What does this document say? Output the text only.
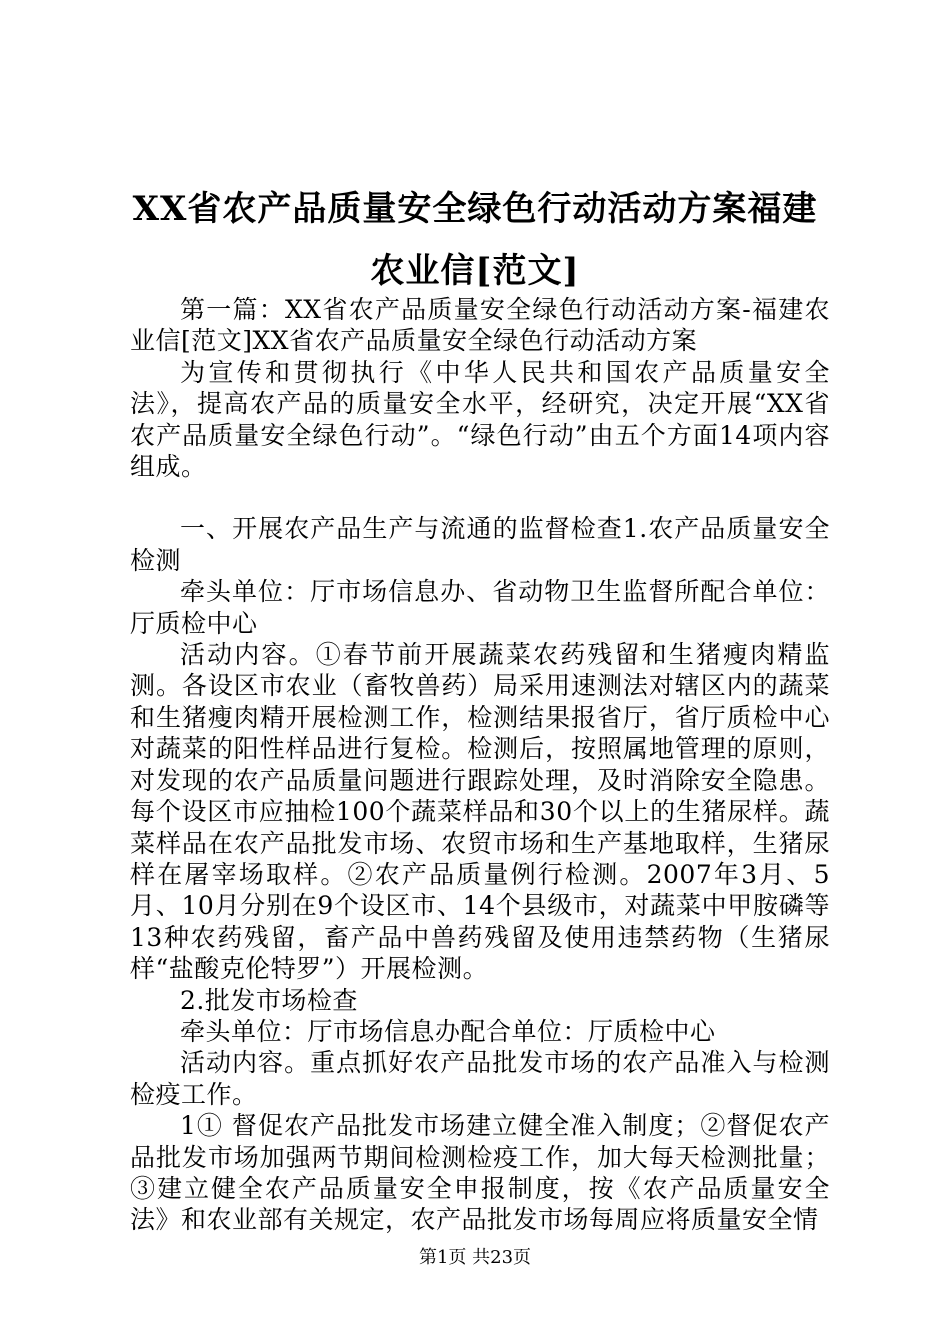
XX省农产品质量安全绿色行动活动方案福建
农业信[范文]

第一篇：XX省农产品质量安全绿色行动活动方案-福建农业信[范文]XX省农产品质量安全绿色行动活动方案

为宣传和贯彻执行《中华人民共和国农产品质量安全法》，提高农产品的质量安全水平，经研究，决定开展“XX省农产品质量安全绿色行动”。“绿色行动”由五个方面14项内容组成。

一、开展农产品生产与流通的监督检查1.农产品质量安全检测

牵头单位：厅市场信息办、省动物卫生监督所配合单位：厅质检中心

活动内容。①春节前开展蔬菜农药残留和生猪瘦肉精监测。各设区市农业（畜牧兽药）局采用速测法对辖区内的蔬菜和生猪瘦肉精开展检测工作，检测结果报省厅，省厅质检中心对蔬菜的阳性样品进行复检。检测后，按照属地管理的原则，对发现的农产品质量问题进行跟踪处理，及时消除安全隐患。每个设区市应抽检100个蔬菜样品和30个以上的生猪尿样。蔬菜样品在农产品批发市场、农贸市场和生产基地取样，生猪尿样在屠宰场取样。②农产品质量例行检测。2007年3月、5月、10月分别在9个设区市、14个县级市，对蔬菜中甲胺磷等13种农药残留，畜产品中兽药残留及使用违禁药物（生猪尿样“盐酸克伦特罗”）开展检测。

2.批发市场检查

牵头单位：厅市场信息办配合单位：厅质检中心

活动内容。重点抓好农产品批发市场的农产品准入与检测检疫工作。

1① 督促农产品批发市场建立健全准入制度；②督促农产品批发市场加强两节期间检测检疫工作，加大每天检测批量；③建立健全农产品质量安全申报制度，按《农产品质量安全法》和农业部有关规定，农产品批发市场每周应将质量安全情

第1页 共23页
